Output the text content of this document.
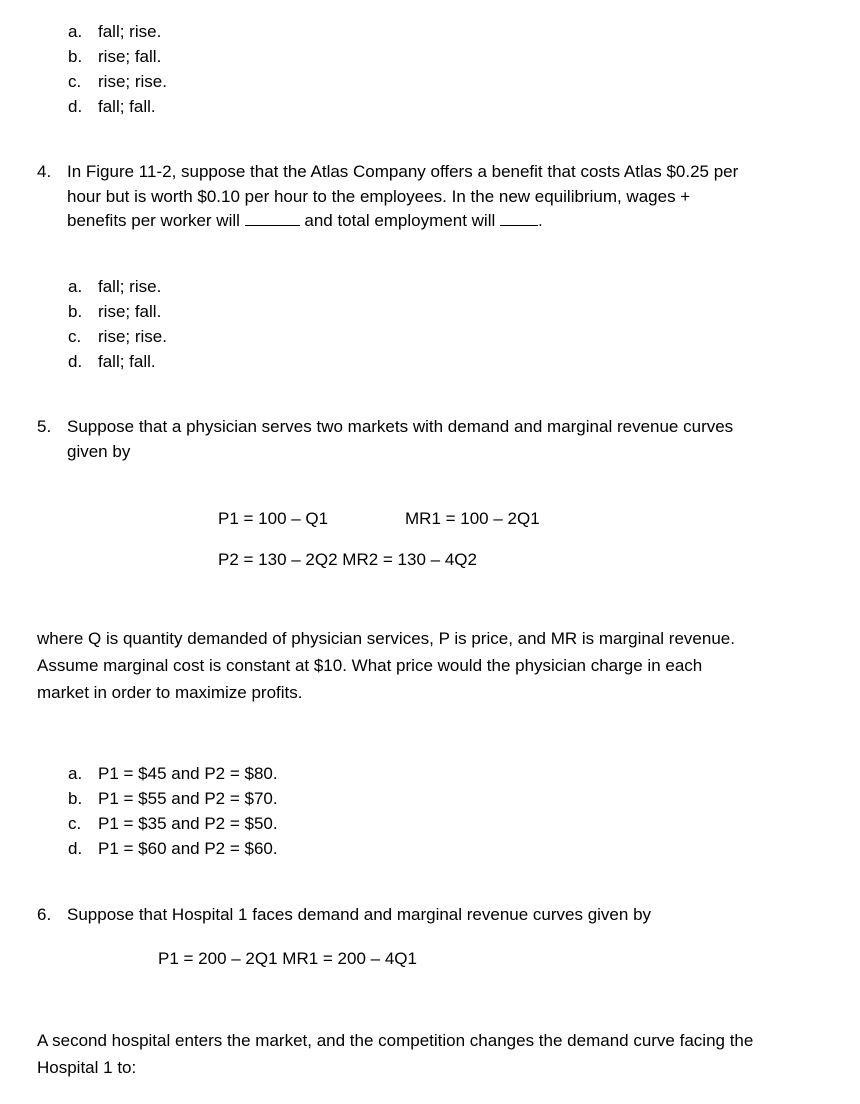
a. fall; rise.
b. rise; fall.
c. rise; rise.
d. fall; fall.
4. In Figure 11-2, suppose that the Atlas Company offers a benefit that costs Atlas $0.25 per
hour but is worth $0.10 per hour to the employees. In the new equilibrium, wages +
benefits per worker will	and total employment will	.
a. fall; rise.
b. rise; fall.
c. rise; rise.
d. fall; fall.
5. Suppose that a physician serves two markets with demand and marginal revenue curves
given by
P1 = 100 – Q1	MR1 = 100 – 2Q1
P2 = 130 – 2Q2 MR2 = 130 – 4Q2
where Q is quantity demanded of physician services, P is price, and MR is marginal revenue.
Assume marginal cost is constant at $10. What price would the physician charge in each
market in order to maximize profits.
a. P1 = $45 and P2 = $80.
b. P1 = $55 and P2 = $70.
c. P1 = $35 and P2 = $50.
d. P1 = $60 and P2 = $60.
6. Suppose that Hospital 1 faces demand and marginal revenue curves given by
P1 = 200 – 2Q1 MR1 = 200 – 4Q1
A second hospital enters the market, and the competition changes the demand curve facing the
Hospital 1 to:
